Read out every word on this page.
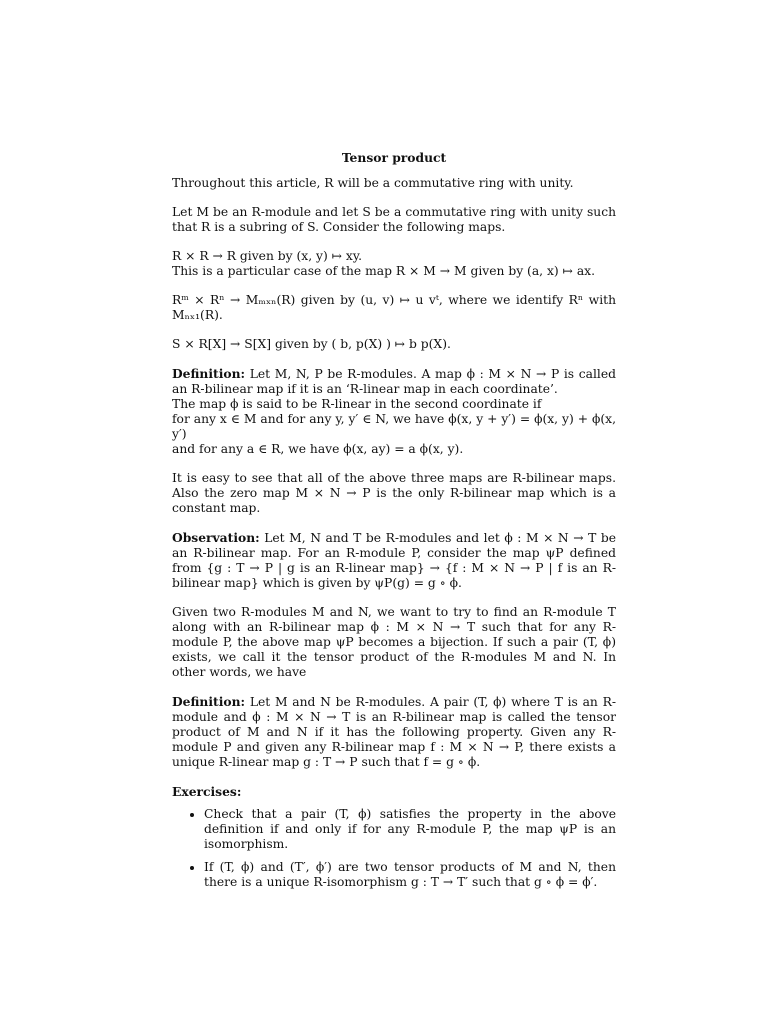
Tensor product

Throughout this article, R will be a commutative ring with unity.

Let M be an R-module and let S be a commutative ring with unity such that R is a subring of S. Consider the following maps.

R × R → R given by (x, y) ↦ xy.
This is a particular case of the map R × M → M given by (a, x) ↦ ax.

Rᵐ × Rⁿ → Mₘₓₙ(R) given by (u, v) ↦ u vᵗ, where we identify Rⁿ with Mₙₓ₁(R).

S × R[X] → S[X] given by ( b, p(X) ) ↦ b p(X).

Definition: Let M, N, P be R-modules. A map ϕ : M × N → P is called an R-bilinear map if it is an ‘R-linear map in each coordinate’.
The map ϕ is said to be R-linear in the second coordinate if
for any x ∈ M and for any y, y′ ∈ N, we have ϕ(x, y + y′) = ϕ(x, y) + ϕ(x, y′)
and for any a ∈ R, we have ϕ(x, ay) = a ϕ(x, y).

It is easy to see that all of the above three maps are R-bilinear maps. Also the zero map M × N → P is the only R-bilinear map which is a constant map.

Observation: Let M, N and T be R-modules and let ϕ : M × N → T be an R-bilinear map. For an R-module P, consider the map ψP defined from {g : T → P | g is an R-linear map} → {f : M × N → P | f is an R-bilinear map} which is given by ψP(g) = g ∘ ϕ.

Given two R-modules M and N, we want to try to find an R-module T along with an R-bilinear map ϕ : M × N → T such that for any R-module P, the above map ψP becomes a bijection. If such a pair (T, ϕ) exists, we call it the tensor product of the R-modules M and N. In other words, we have

Definition: Let M and N be R-modules. A pair (T, ϕ) where T is an R-module and ϕ : M × N → T is an R-bilinear map is called the tensor product of M and N if it has the following property. Given any R-module P and given any R-bilinear map f : M × N → P, there exists a unique R-linear map g : T → P such that f = g ∘ ϕ.

Exercises:
• Check that a pair (T, ϕ) satisfies the property in the above definition if and only if for any R-module P, the map ψP is an isomorphism.
• If (T, ϕ) and (T′, ϕ′) are two tensor products of M and N, then there is a unique R-isomorphism g : T → T′ such that g ∘ ϕ = ϕ′.
